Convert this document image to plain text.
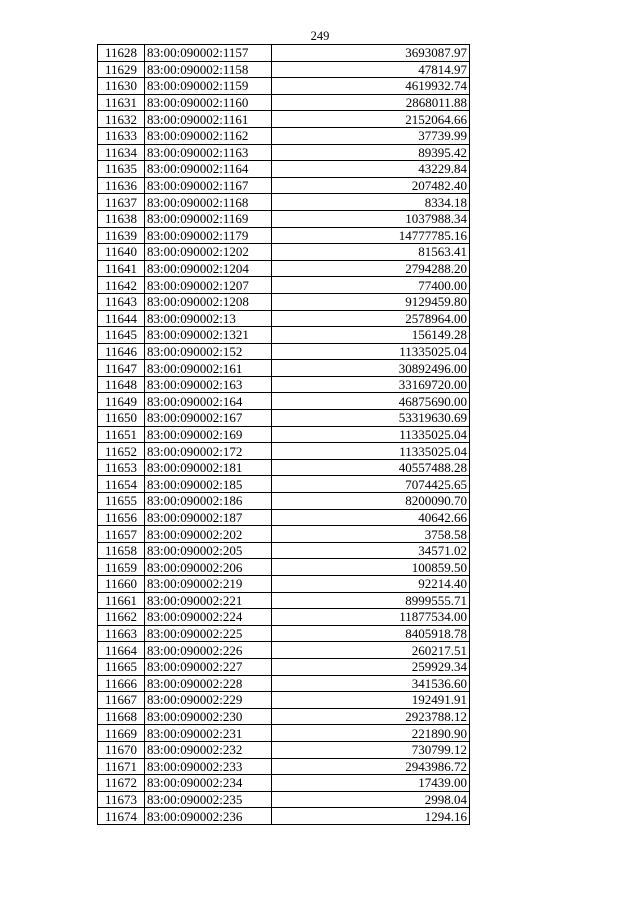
249
11628	83:00:090002:1157	3693087.97
11629	83:00:090002:1158	47814.97
11630	83:00:090002:1159	4619932.74
11631	83:00:090002:1160	2868011.88
11632	83:00:090002:1161	2152064.66
11633	83:00:090002:1162	37739.99
11634	83:00:090002:1163	89395.42
11635	83:00:090002:1164	43229.84
11636	83:00:090002:1167	207482.40
11637	83:00:090002:1168	8334.18
11638	83:00:090002:1169	1037988.34
11639	83:00:090002:1179	14777785.16
11640	83:00:090002:1202	81563.41
11641	83:00:090002:1204	2794288.20
11642	83:00:090002:1207	77400.00
11643	83:00:090002:1208	9129459.80
11644	83:00:090002:13	2578964.00
11645	83:00:090002:1321	156149.28
11646	83:00:090002:152	11335025.04
11647	83:00:090002:161	30892496.00
11648	83:00:090002:163	33169720.00
11649	83:00:090002:164	46875690.00
11650	83:00:090002:167	53319630.69
11651	83:00:090002:169	11335025.04
11652	83:00:090002:172	11335025.04
11653	83:00:090002:181	40557488.28
11654	83:00:090002:185	7074425.65
11655	83:00:090002:186	8200090.70
11656	83:00:090002:187	40642.66
11657	83:00:090002:202	3758.58
11658	83:00:090002:205	34571.02
11659	83:00:090002:206	100859.50
11660	83:00:090002:219	92214.40
11661	83:00:090002:221	8999555.71
11662	83:00:090002:224	11877534.00
11663	83:00:090002:225	8405918.78
11664	83:00:090002:226	260217.51
11665	83:00:090002:227	259929.34
11666	83:00:090002:228	341536.60
11667	83:00:090002:229	192491.91
11668	83:00:090002:230	2923788.12
11669	83:00:090002:231	221890.90
11670	83:00:090002:232	730799.12
11671	83:00:090002:233	2943986.72
11672	83:00:090002:234	17439.00
11673	83:00:090002:235	2998.04
11674	83:00:090002:236	1294.16
